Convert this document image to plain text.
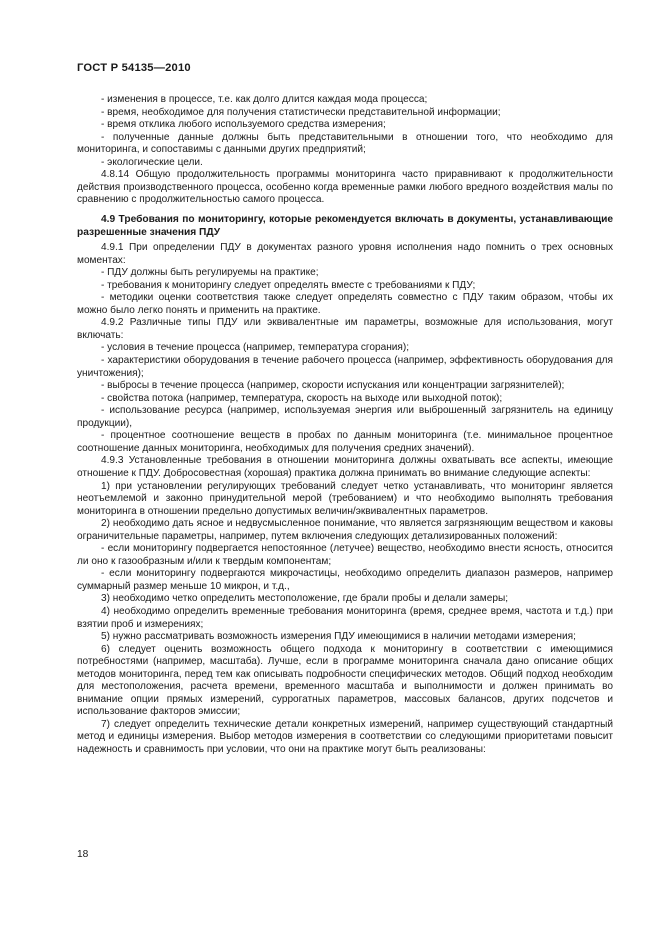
ГОСТ Р 54135—2010

- изменения в процессе, т.е. как долго длится каждая мода процесса;

- время, необходимое для получения статистически представительной информации;

- время отклика любого используемого средства измерения;

- полученные данные должны быть представительными в отношении того, что необходимо для мониторинга, и сопоставимы с данными других предприятий;

- экологические цели.

4.8.14 Общую продолжительность программы мониторинга часто приравнивают к продолжительности действия производственного процесса, особенно когда временные рамки любого вредного воздействия малы по сравнению с продолжительностью самого процесса.

4.9 Требования по мониторингу, которые рекомендуется включать в документы, устанавливающие разрешенные значения ПДУ

4.9.1 При определении ПДУ в документах разного уровня исполнения надо помнить о трех основных моментах:

- ПДУ должны быть регулируемы на практике;

- требования к мониторингу следует определять вместе с требованиями к ПДУ;

- методики оценки соответствия также следует определять совместно с ПДУ таким образом, чтобы их можно было легко понять и применить на практике.

4.9.2 Различные типы ПДУ или эквивалентные им параметры, возможные для использования, могут включать:

- условия в течение процесса (например, температура сгорания);

- характеристики оборудования в течение рабочего процесса (например, эффективность оборудования для уничтожения);

- выбросы в течение процесса (например, скорости испускания или концентрации загрязнителей);

- свойства потока (например, температура, скорость на выходе или выходной поток);

- использование ресурса (например, используемая энергия или выброшенный загрязнитель на единицу продукции),

- процентное соотношение веществ в пробах по данным мониторинга (т.е. минимальное процентное соотношение данных мониторинга, необходимых для получения средних значений).

4.9.3 Установленные требования в отношении мониторинга должны охватывать все аспекты, имеющие отношение к ПДУ. Добросовестная (хорошая) практика должна принимать во внимание следующие аспекты:

1) при установлении регулирующих требований следует четко устанавливать, что мониторинг является неотъемлемой и законно принудительной мерой (требованием) и что необходимо выполнять требования мониторинга в отношении предельно допустимых величин/эквивалентных параметров.

2) необходимо дать ясное и недвусмысленное понимание, что является загрязняющим веществом и каковы ограничительные параметры, например, путем включения следующих детализированных положений:

- если мониторингу подвергается непостоянное (летучее) вещество, необходимо внести ясность, относится ли оно к газообразным и/или к твердым компонентам;

- если мониторингу подвергаются микрочастицы, необходимо определить диапазон размеров, например суммарный размер меньше 10 микрон, и т.д.,

3) необходимо четко определить местоположение, где брали пробы и делали замеры;

4) необходимо определить временные требования мониторинга (время, среднее время, частота и т.д.) при взятии проб и измерениях;

5) нужно рассматривать возможность измерения ПДУ имеющимися в наличии методами измерения;

6) следует оценить возможность общего подхода к мониторингу в соответствии с имеющимися потребностями (например, масштаба). Лучше, если в программе мониторинга сначала дано описание общих методов мониторинга, перед тем как описывать подробности специфических методов. Общий подход необходим для местоположения, расчета времени, временного масштаба и выполнимости и должен принимать во внимание опции прямых измерений, суррогатных параметров, массовых балансов, других подсчетов и использование факторов эмиссии;

7) следует определить технические детали конкретных измерений, например существующий стандартный метод и единицы измерения. Выбор методов измерения в соответствии со следующими приоритетами повысит надежность и сравнимость при условии, что они на практике могут быть реализованы:

18
